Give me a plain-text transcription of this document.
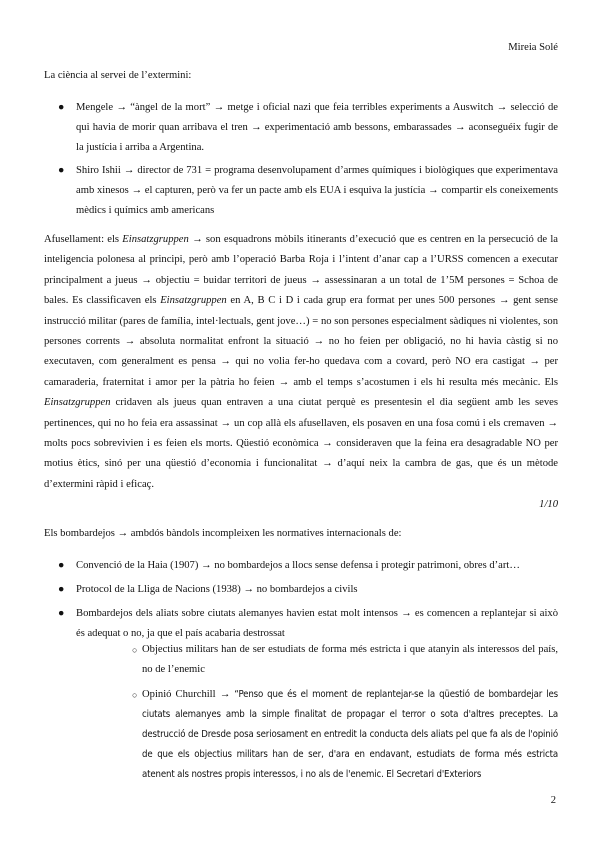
Mireia Solé
La ciència al servei de l’extermini:
● Mengele → “àngel de la mort” → metge i oficial nazi que feia terribles experiments a Auswitch → selecció de qui havia de morir quan arribava el tren → experimentació amb bessons, embarassades → aconseguéix fugir de la justícia i arriba a Argentina.
● Shiro Ishii → director de 731 = programa desenvolupament d’armes químiques i biològiques que experimentava amb xinesos → el capturen, però va fer un pacte amb els EUA i esquiva la justícia → compartir els coneixements mèdics i químics amb americans
Afusellament: els Einsatzgruppen → son esquadrons mòbils itinerants d’execució que es centren en la persecució de la inteligencia polonesa al principi, però amb l’operació Barba Roja i l’intent d’anar cap a l’URSS comencen a executar principalment a jueus → objectiu = buidar territori de jueus → assessinaran a un total de 1’5M persones = Schoa de bales. Es classificaven els Einsatzgruppen en A, B C i D i cada grup era format per unes 500 persones → gent sense instrucció militar (pares de família, intel·lectuals, gent jove…) = no son persones especialment sàdiques ni violentes, son persones corrents → absoluta normalitat enfront la situació → no ho feien per obligació, no hi havia càstig si no executaven, com generalment es pensa → qui no volia fer-ho quedava com a covard, però NO era castigat → per camaraderia, fraternitat i amor per la pàtria ho feien → amb el temps s’acostumen i els hi resulta més mecànic. Els Einsatzgruppen cridaven als jueus quan entraven a una ciutat perquè es presentesin el dia següent amb les seves pertinences, qui no ho feia era assassinat → un cop allà els afusellaven, els posaven en una fosa comú i els cremaven → molts pocs sobrevivien i es feien els morts. Qüestió econòmica → consideraven que la feina era desagradable NO per motius ètics, sinó per una qüestió d’economia i funcionalitat → d’aquí neix la cambra de gas, que és un mètode d’extermini ràpid i eficaç.
1/10
Els bombardejos → ambdós bàndols incompleixen les normatives internacionals de:
● Convenció de la Haia (1907) → no bombardejos a llocs sense defensa i protegir patrimoni, obres d’art…
● Protocol de la Lliga de Nacions (1938) → no bombardejos a civils
● Bombardejos dels aliats sobre ciutats alemanyes havien estat molt intensos → es comencen a replantejar si això és adequat o no, ja que el país acabaria destrossat
○ Objectius militars han de ser estudiats de forma més estricta i que atanyin als interessos del país, no de l’enemic
○ Opinió Churchill → “Penso que és el moment de replantejar-se la qüestió de bombardejar les ciutats alemanyes amb la simple finalitat de propagar el terror o sota d'altres preceptes. La destrucció de Dresde posa seriosament en entredit la conducta dels aliats pel que fa als de l'opinió de que els objectius militars han de ser, d'ara en endavant, estudiats de forma més estricta atenent als nostres propis interessos, i no als de l'enemic. El Secretari d'Exteriors
2
